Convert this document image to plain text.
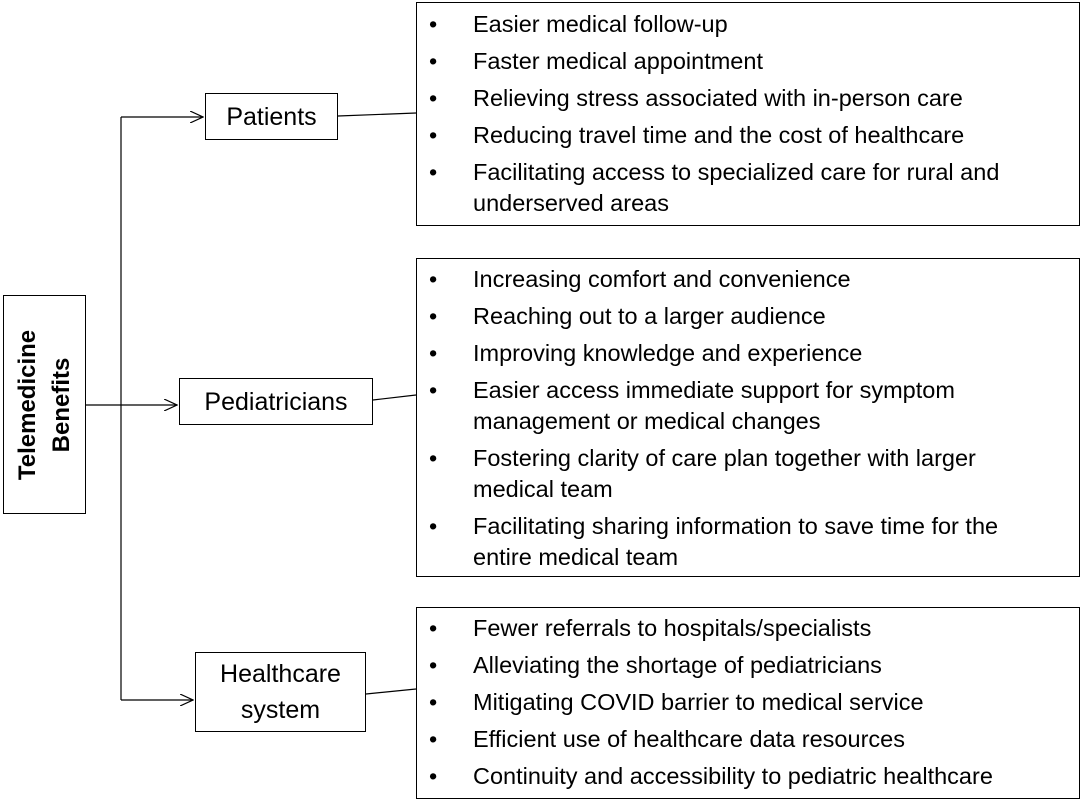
Telemedicine Benefits
Patients
Pediatricians
Healthcare
system
• Easier medical follow-up
• Faster medical appointment
• Relieving stress associated with in-person care
• Reducing travel time and the cost of healthcare
• Facilitating access to specialized care for rural and
underserved areas
• Increasing comfort and convenience
• Reaching out to a larger audience
• Improving knowledge and experience
• Easier access immediate support for symptom
management or medical changes
• Fostering clarity of care plan together with larger
medical team
• Facilitating sharing information to save time for the
entire medical team
• Fewer referrals to hospitals/specialists
• Alleviating the shortage of pediatricians
• Mitigating COVID barrier to medical service
• Efficient use of healthcare data resources
• Continuity and accessibility to pediatric healthcare
